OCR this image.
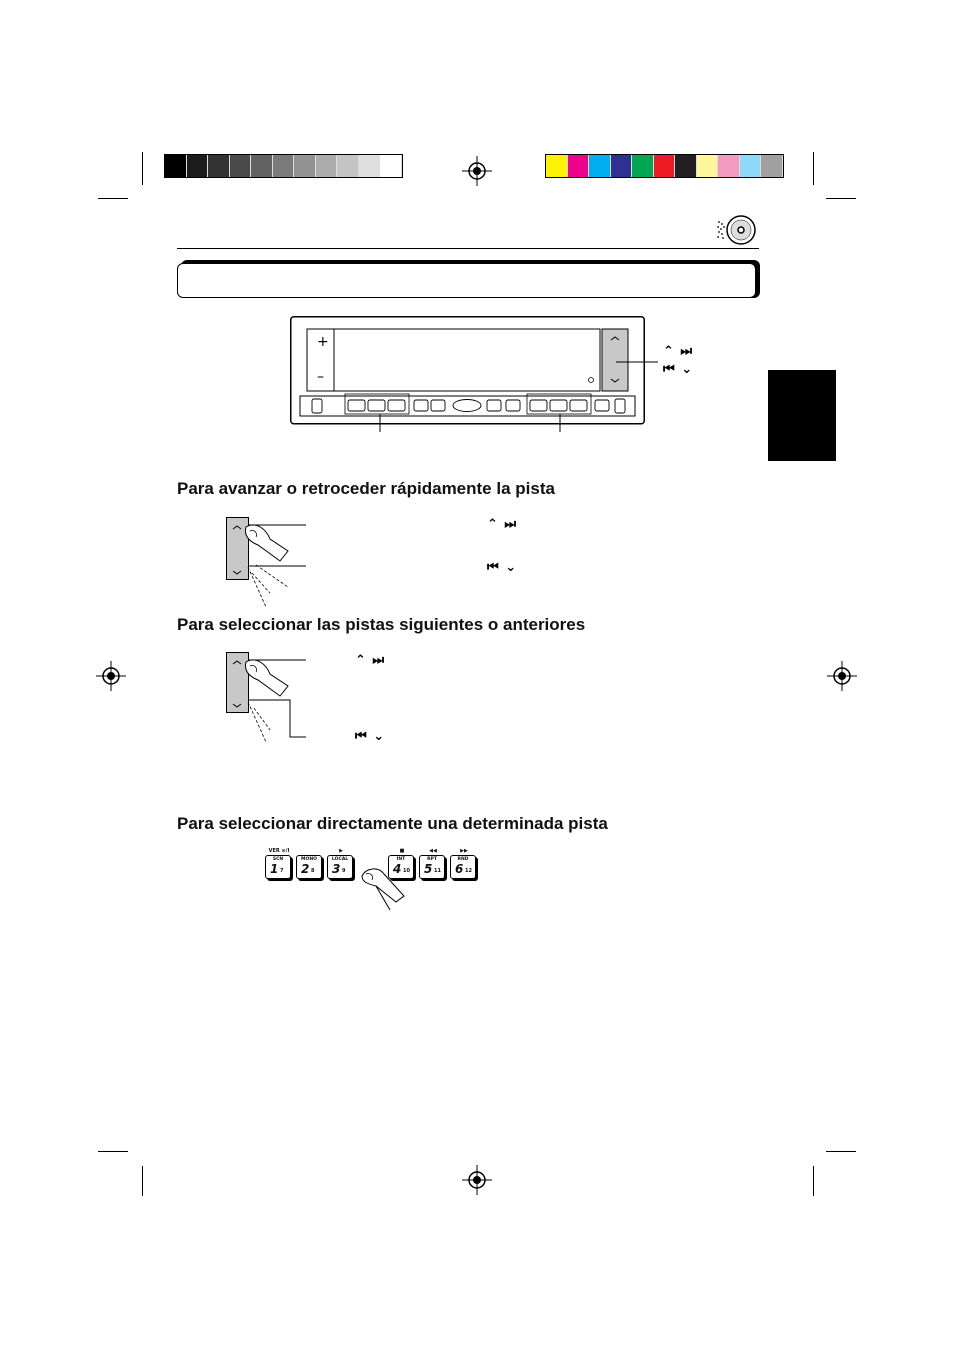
+
–
⌃ ⏭
⏮ ⌄
Para avanzar o retroceder rápidamente la pista
⌃ ⏭
⏮ ⌄
Para seleccionar las pistas siguientes o anteriores
⌃ ⏭
⏮ ⌄
Para seleccionar directamente una determinada pista
VER ⊙/I
SCN
1 7
MONO
2 8
▶
LOCAL
3 9
■
INT
4 10
◀◀
RPT
5 11
▶▶
RND
6 12
